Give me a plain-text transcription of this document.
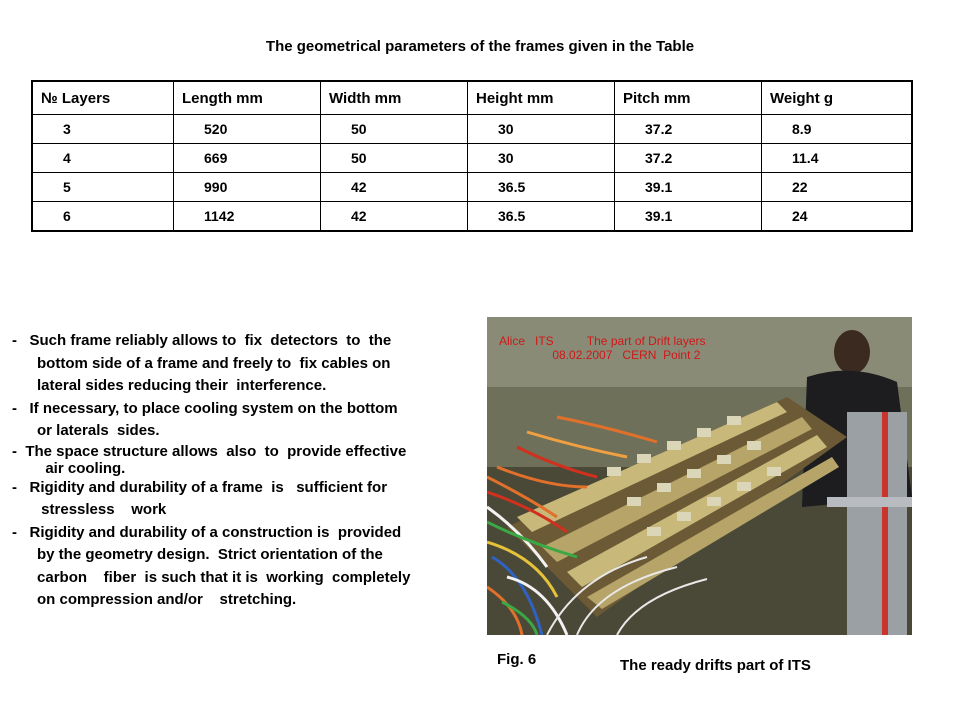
The geometrical parameters of the frames given in the Table
№ Layers	Length mm	Width mm	Height mm	Pitch mm	Weight g
3	520	50	30	37.2	8.9
4	669	50	30	37.2	11.4
5	990	42	36.5	39.1	22
6	1142	42	36.5	39.1	24
-   Such frame reliably allows to  fix  detectors  to  the
bottom side of a frame and freely to  fix cables on
lateral sides reducing their  interference.
-   If necessary, to place cooling system on the bottom
or laterals  sides.
-  The space structure allows  also  to  provide effective
air cooling.
-   Rigidity and durability of a frame  is   sufficient for
stressless    work
-   Rigidity and durability of a construction is  provided
by the geometry design.  Strict orientation of the
carbon    fiber  is such that it is  working  completely
on compression and/or    stretching.
Alice   ITS          The part of Drift layers
08.02.2007   CERN  Point 2
Fig. 6	The ready drifts part of ITS
